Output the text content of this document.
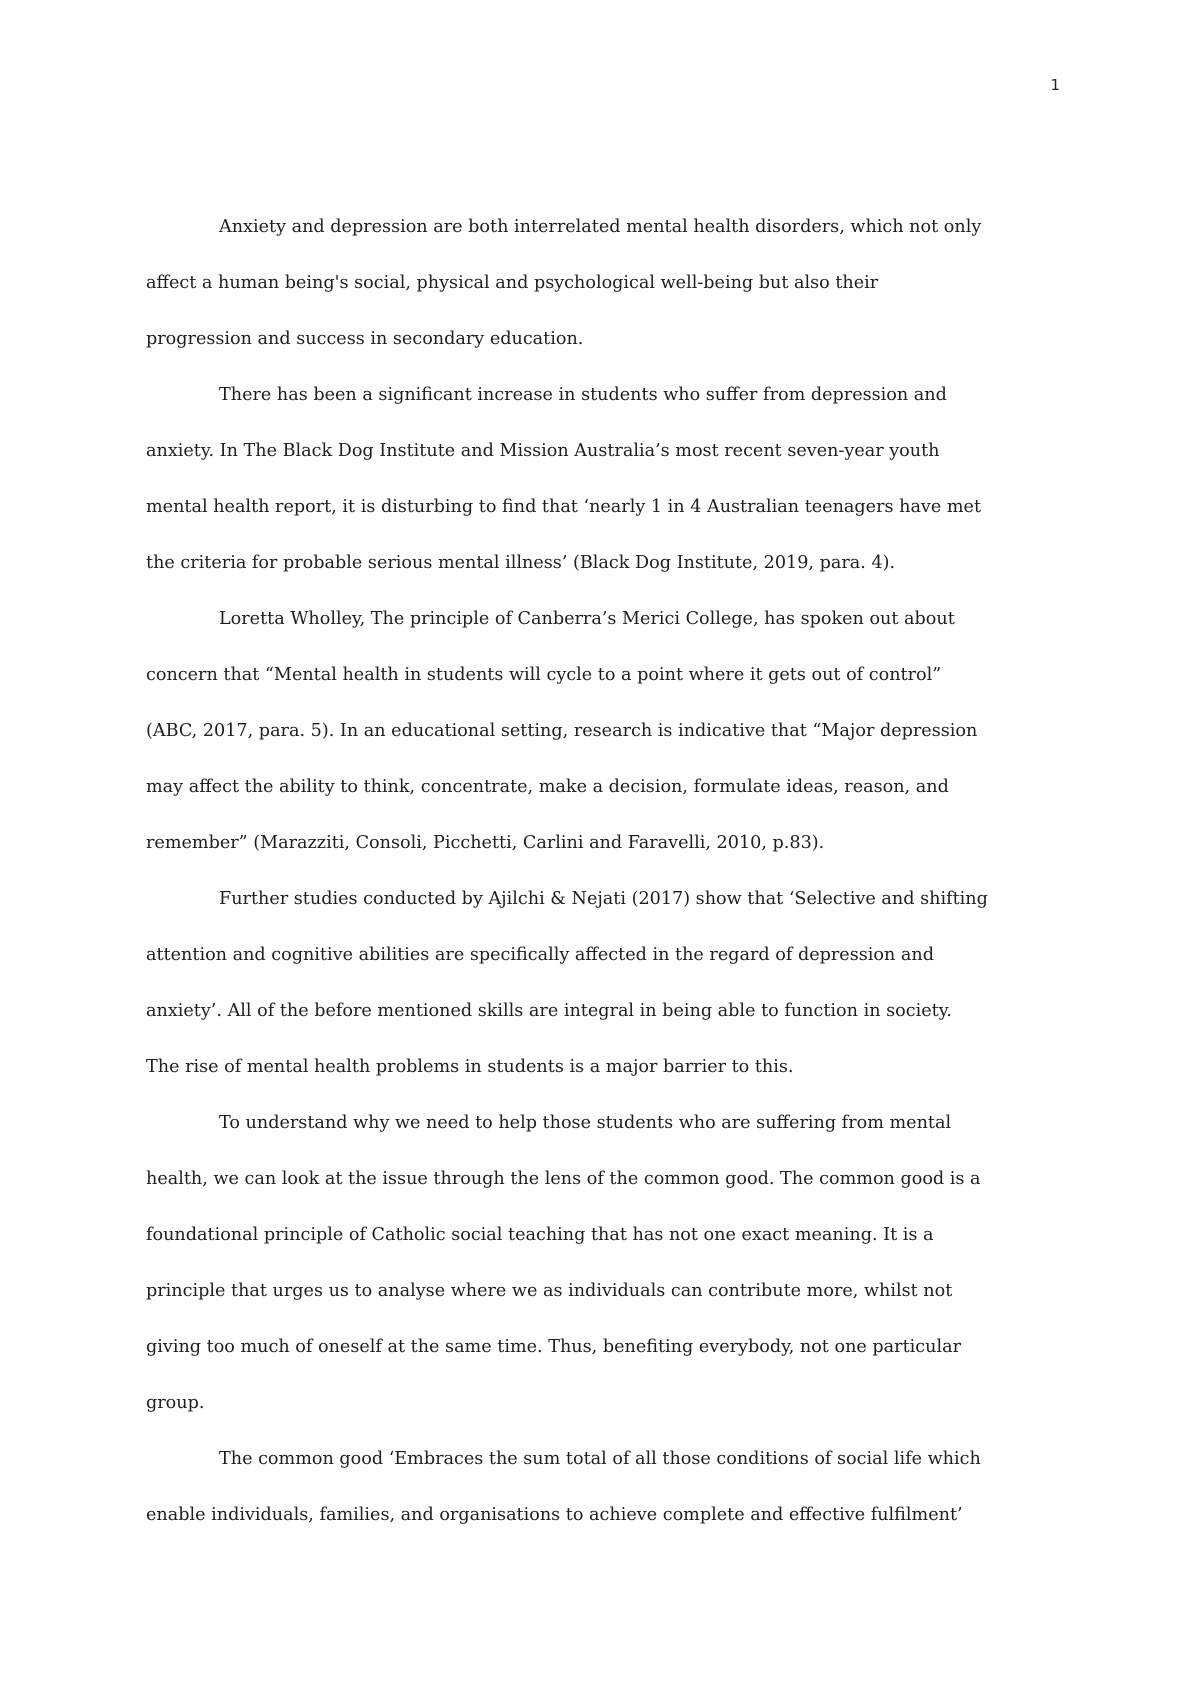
1
Anxiety and depression are both interrelated mental health disorders, which not only
affect a human being's social, physical and psychological well-being but also their
progression and success in secondary education.
There has been a significant increase in students who suffer from depression and
anxiety. In The Black Dog Institute and Mission Australia’s most recent seven-year youth
mental health report, it is disturbing to find that ‘nearly 1 in 4 Australian teenagers have met
the criteria for probable serious mental illness’ (Black Dog Institute, 2019, para. 4).
Loretta Wholley, The principle of Canberra’s Merici College, has spoken out about
concern that “Mental health in students will cycle to a point where it gets out of control”
(ABC, 2017, para. 5). In an educational setting, research is indicative that “Major depression
may affect the ability to think, concentrate, make a decision, formulate ideas, reason, and
remember” (Marazziti, Consoli, Picchetti, Carlini and Faravelli, 2010, p.83).
Further studies conducted by Ajilchi & Nejati (2017) show that ‘Selective and shifting
attention and cognitive abilities are specifically affected in the regard of depression and
anxiety’. All of the before mentioned skills are integral in being able to function in society.
The rise of mental health problems in students is a major barrier to this.
To understand why we need to help those students who are suffering from mental
health, we can look at the issue through the lens of the common good. The common good is a
foundational principle of Catholic social teaching that has not one exact meaning. It is a
principle that urges us to analyse where we as individuals can contribute more, whilst not
giving too much of oneself at the same time. Thus, benefiting everybody, not one particular
group.
The common good ‘Embraces the sum total of all those conditions of social life which
enable individuals, families, and organisations to achieve complete and effective fulfilment’
